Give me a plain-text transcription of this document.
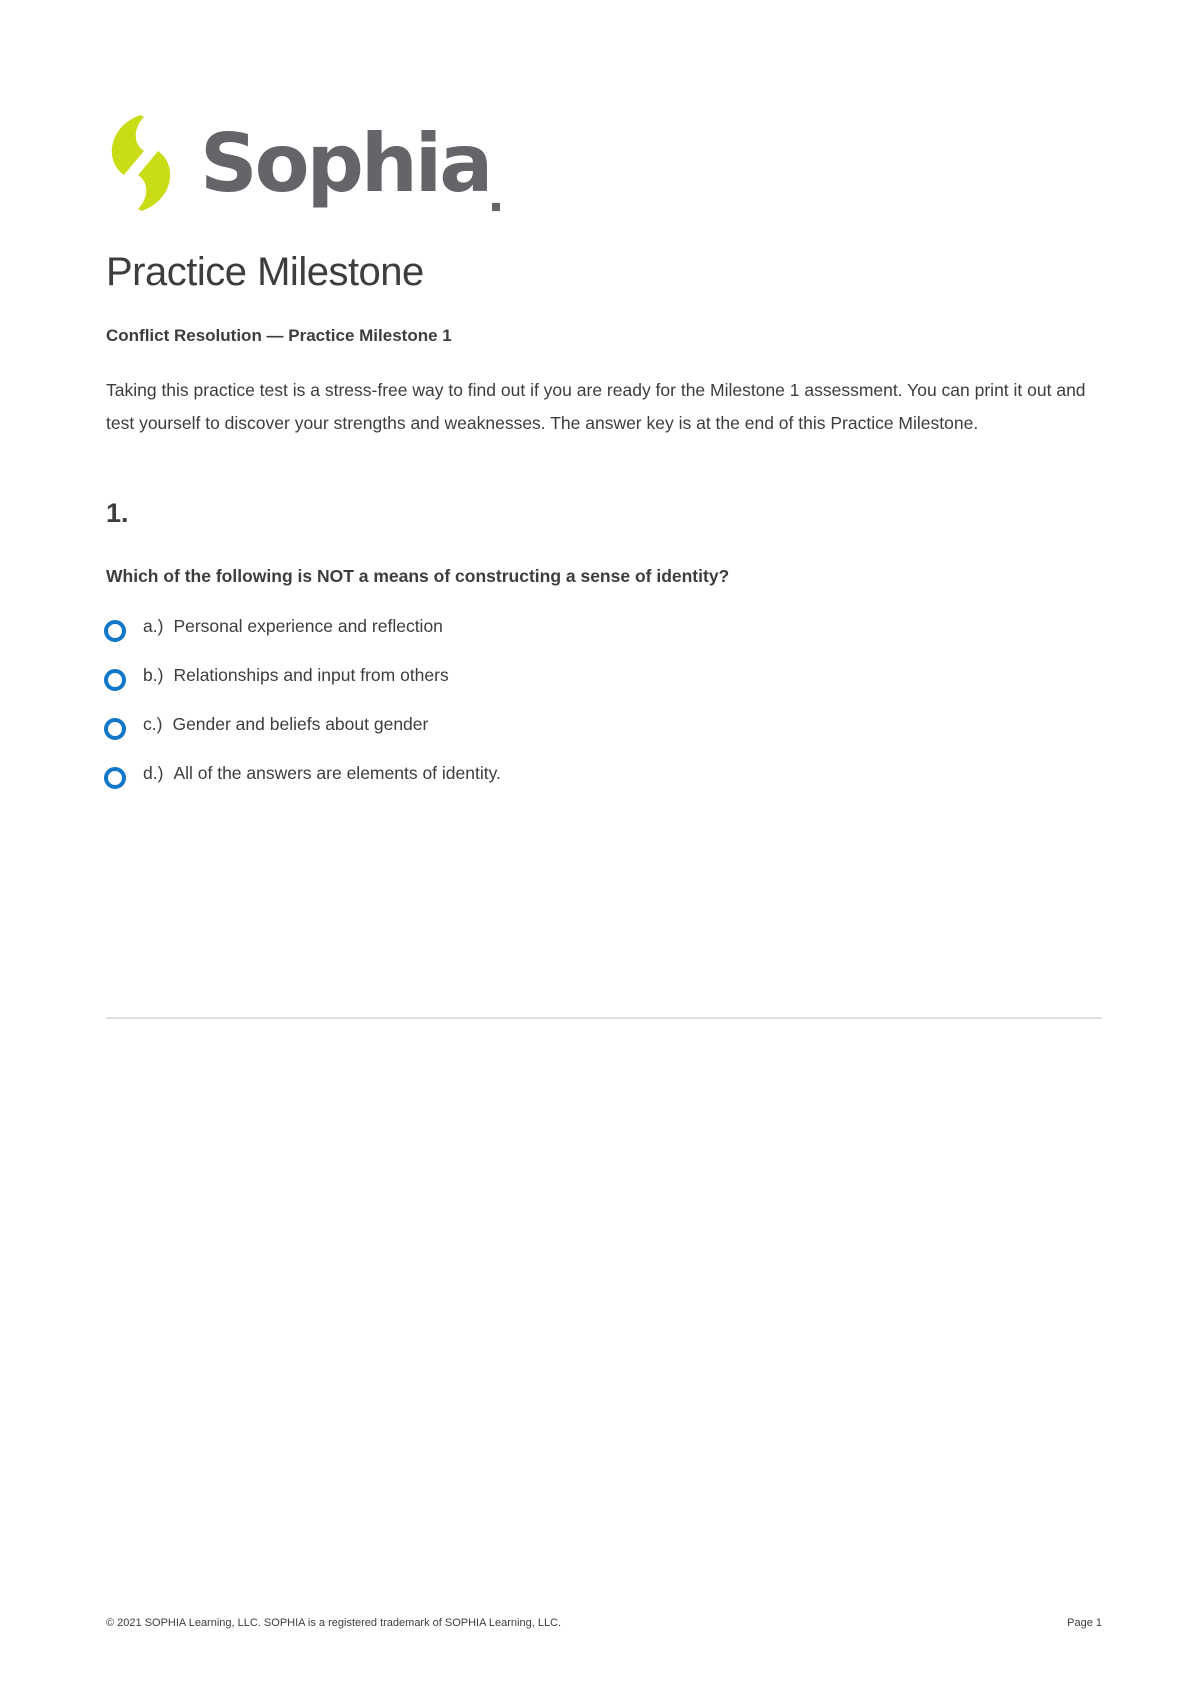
Sophia
Practice Milestone

Conflict Resolution — Practice Milestone 1

Taking this practice test is a stress-free way to find out if you are ready for the Milestone 1 assessment. You can print it out and test yourself to discover your strengths and weaknesses. The answer key is at the end of this Practice Milestone.

1.

Which of the following is NOT a means of constructing a sense of identity?

a.) Personal experience and reflection
b.) Relationships and input from others
c.) Gender and beliefs about gender
d.) All of the answers are elements of identity.
© 2021 SOPHIA Learning, LLC. SOPHIA is a registered trademark of SOPHIA Learning, LLC.	Page 1
